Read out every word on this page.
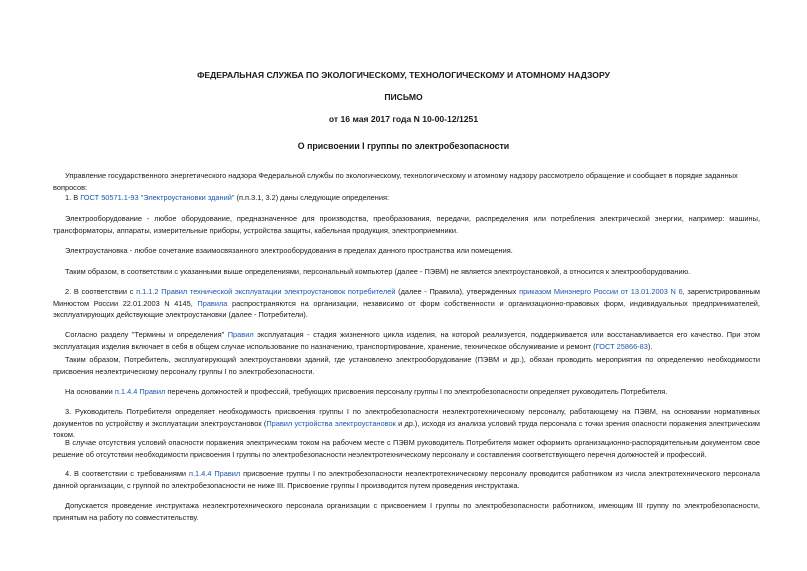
ФЕДЕРАЛЬНАЯ СЛУЖБА ПО ЭКОЛОГИЧЕСКОМУ, ТЕХНОЛОГИЧЕСКОМУ И АТОМНОМУ НАДЗОРУ
ПИСЬМО
от 16 мая 2017 года N 10-00-12/1251
О присвоении I группы по электробезопасности
Управление государственного энергетического надзора Федеральной службы по экологическому, технологическому и атомному надзору рассмотрело обращение и сообщает в порядке заданных вопросов:
1. В ГОСТ 50571.1-93 "Электроустановки зданий" (п.п.3.1, 3.2) даны следующие определения:
Электрооборудование - любое оборудование, предназначенное для производства, преобразования, передачи, распределения или потребления электрической энергии, например: машины, трансформаторы, аппараты, измерительные приборы, устройства защиты, кабельная продукция, электроприемники.
Электроустановка - любое сочетание взаимосвязанного электрооборудования в пределах данного пространства или помещения.
Таким образом, в соответствии с указанными выше определениями, персональный компьютер (далее - ПЭВМ) не является электроустановкой, а относится к электрооборудованию.
2. В соответствии с п.1.1.2 Правил технической эксплуатации электроустановок потребителей (далее - Правила), утвержденных приказом Минэнерго России от 13.01.2003 N 6, зарегистрированным Минюстом России 22.01.2003 N 4145, Правила распространяются на организации, независимо от форм собственности и организационно-правовых форм, индивидуальных предпринимателей, эксплуатирующих действующие электроустановки (далее - Потребители).
Согласно разделу "Термины и определения" Правил эксплуатация - стадия жизненного цикла изделия, на которой реализуется, поддерживается или восстанавливается его качество. При этом эксплуатация изделия включает в себя в общем случае использование по назначению, транспортирование, хранение, техническое обслуживание и ремонт (ГОСТ 25866-83).
Таким образом, Потребитель, эксплуатирующий электроустановки зданий, где установлено электрооборудование (ПЭВМ и др.), обязан проводить мероприятия по определению необходимости присвоения неэлектрическому персоналу группы I по электробезопасности.
На основании п.1.4.4 Правил перечень должностей и профессий, требующих присвоения персоналу группы I по электробезопасности определяет руководитель Потребителя.
3. Руководитель Потребителя определяет необходимость присвоения группы I по электробезопасности неэлектротехническому персоналу, работающему на ПЭВМ, на основании нормативных документов по устройству и эксплуатации электроустановок (Правил устройства электроустановок и др.), исходя из анализа условий труда персонала с точки зрения опасности поражения электрическим током.
В случае отсутствия условий опасности поражения электрическим током на рабочем месте с ПЭВМ руководитель Потребителя может оформить организационно-распорядительным документом свое решение об отсутствии необходимости присвоения I группы по электробезопасности неэлектротехническому персоналу и составления соответствующего перечня должностей и профессий.
4. В соответствии с требованиями п.1.4.4 Правил присвоение группы I по электробезопасности неэлектротехническому персоналу проводится работником из числа электротехнического персонала данной организации, с группой по электробезопасности не ниже III. Присвоение группы I производится путем проведения инструктажа.
Допускается проведение инструктажа неэлектротехнического персонала организации с присвоением I группы по электробезопасности работником, имеющим III группу по электробезопасности, принятым на работу по совместительству.
